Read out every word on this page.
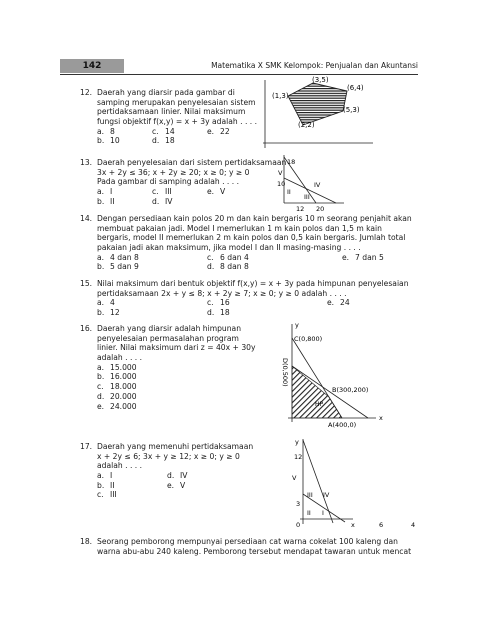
142	Matematika X SMK Kelompok: Penjualan dan Akuntansi
12. Daerah yang diarsir pada gambar di
samping merupakan penyelesaian sistem
pertidaksamaan linier. Nilai maksimum
fungsi objektif f(x,y) = x + 3y adalah . . . .
a. 8	c. 14	e. 22
b. 10	d. 18
(3,5)
(6,4)
(1,3)
(5,3)
(2,2)
13. Daerah penyelesaian dari sistem pertidaksamaan
3x + 2y ≤ 36; x + 2y ≥ 20; x ≥ 0; y ≥ 0
Pada gambar di samping adalah . . . .
a. I	c. III	e. V
b. II	d. IV
18
V
10	IV
II
III
12 20
14. Dengan persediaan kain polos 20 m dan kain bergaris 10 m seorang penjahit akan
membuat pakaian jadi. Model I memerlukan 1 m kain polos dan 1,5 m kain
bergaris, model II memerlukan 2 m kain polos dan 0,5 kain bergaris. Jumlah total
pakaian jadi akan maksimum, jika model I dan II masing-masing . . . .
a. 4 dan 8	c. 6 dan 4	e. 7 dan 5
b. 5 dan 9	d. 8 dan 8
15. Nilai maksimum dari bentuk objektif f(x,y) = x + 3y pada himpunan penyelesaian
pertidaksamaan 2x + y ≤ 8; x + 2y ≥ 7; x ≥ 0; y ≥ 0 adalah . . . .
a. 4	c. 16	e. 24
b. 12	d. 18
16. Daerah yang diarsir adalah himpunan
penyelesaian permasalahan program
linier. Nilai maksimum dari z = 40x + 30y
adalah . . . .
a. 15.000
b. 16.000
c. 18.000
d. 20.000
e. 24.000
y
C(0,800)
D(0,500)
B(300,200)
HP
A(400,0)
x
17. Daerah yang memenuhi pertidaksamaan
x + 2y ≤ 6; 3x + y ≥ 12; x ≥ 0; y ≥ 0
adalah . . . .
a. I	d. IV
b. II	e. V
c. III
y
12
V
III IV
3
II I
0	x	6	4
18. Seorang pemborong mempunyai persediaan cat warna cokelat 100 kaleng dan
warna abu-abu 240 kaleng. Pemborong tersebut mendapat tawaran untuk mencat
